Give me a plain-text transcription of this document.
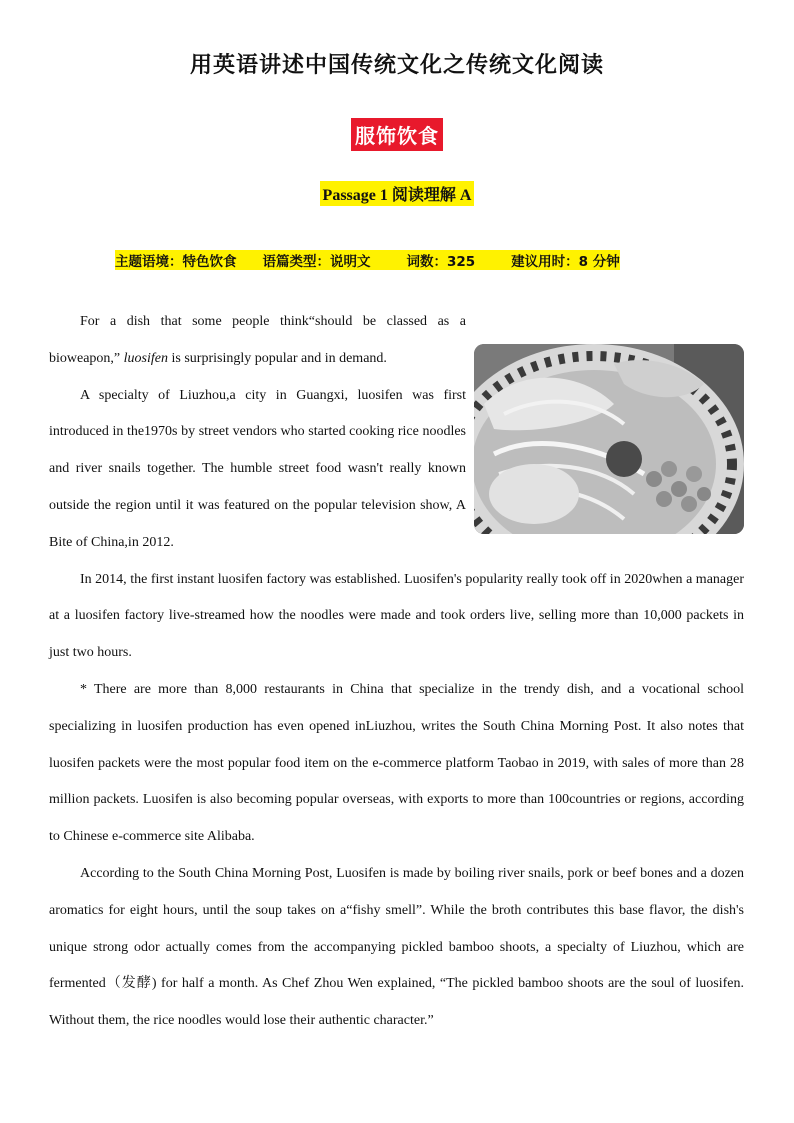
用英语讲述中国传统文化之传统文化阅读
服饰饮食
Passage 1 阅读理解 A
主题语境：特色饮食 语篇类型：说明文	词数：325	建议用时：8 分钟

For a dish that some people think“should be classed as a bioweapon,” luosifen is surprisingly popular and in demand.

A specialty of Liuzhou,a city in Guangxi, luosifen was first introduced in the1970s by street vendors who started cooking rice noodles and river snails together. The humble street food wasn't really known outside the region until it was featured on the popular television show, A Bite of China,in 2012.

In 2014, the first instant luosifen factory was established. Luosifen's popularity really took off in 2020when a manager at a luosifen factory live-streamed how the noodles were made and took orders live, selling more than 10,000 packets in just two hours.

* There are more than 8,000 restaurants in China that specialize in the trendy dish, and a vocational school specializing in luosifen production has even opened inLiuzhou, writes the South China Morning Post. It also notes that luosifen packets were the most popular food item on the e-commerce platform Taobao in 2019, with sales of more than 28 million packets. Luosifen is also becoming popular overseas, with exports to more than 100countries or regions, according to Chinese e-commerce site Alibaba.

According to the South China Morning Post, Luosifen is made by boiling river snails, pork or beef bones and a dozen aromatics for eight hours, until the soup takes on a“fishy smell”. While the broth contributes this base flavor, the dish's unique strong odor actually comes from the accompanying pickled bamboo shoots, a specialty of Liuzhou, which are fermented（发酵) for half a month. As Chef Zhou Wen explained, “The pickled bamboo shoots are the soul of luosifen. Without them, the rice noodles would lose their authentic character.”
